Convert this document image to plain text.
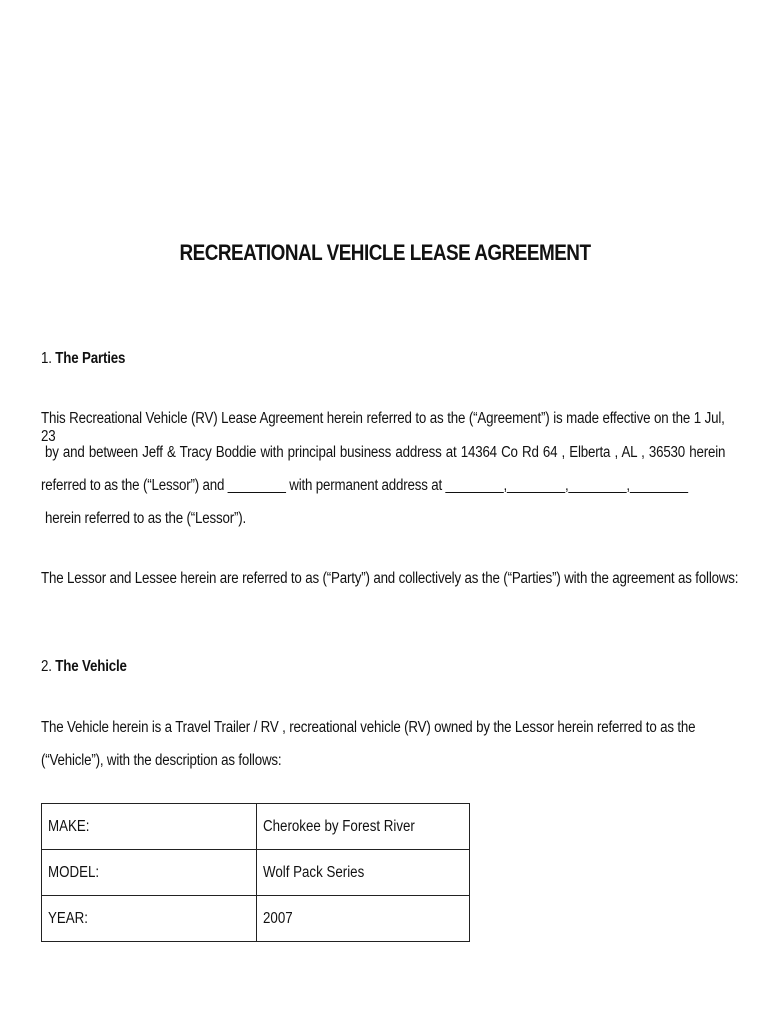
RECREATIONAL VEHICLE LEASE AGREEMENT
1. The Parties
This Recreational Vehicle (RV) Lease Agreement herein referred to as the (“Agreement”) is made effective on the 1 Jul, 23
by and between Jeff & Tracy Boddie with principal business address at 14364 Co Rd 64 , Elberta , AL , 36530 herein
referred to as the (“Lessor”) and ________ with permanent address at ________,________,________,________
herein referred to as the (“Lessor”).
The Lessor and Lessee herein are referred to as (“Party”) and collectively as the (“Parties”) with the agreement as follows:
2. The Vehicle
The Vehicle herein is a Travel Trailer / RV , recreational vehicle (RV) owned by the Lessor herein referred to as the
(“Vehicle”), with the description as follows:
MAKE:	Cherokee by Forest River
MODEL:	Wolf Pack Series
YEAR:	2007
